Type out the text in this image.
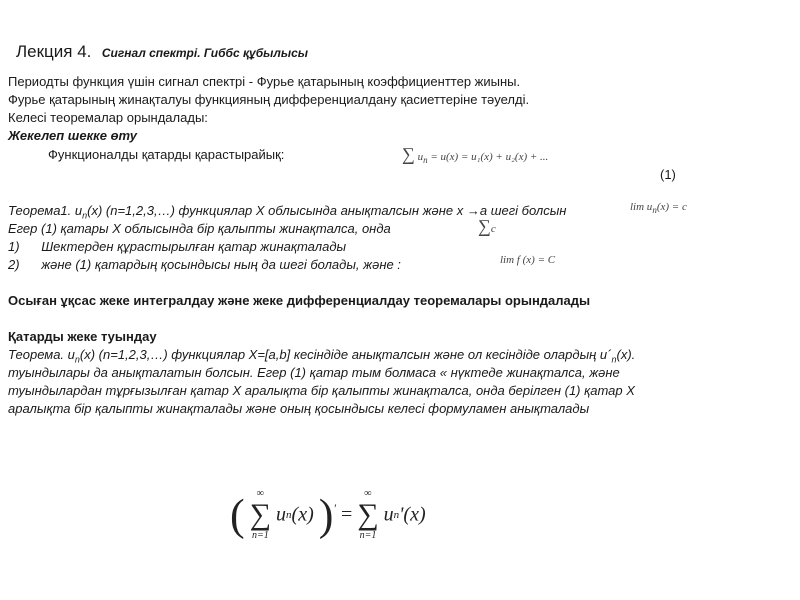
Лекция 4. Сигнал спектрі. Гиббс құбылысы
Периодты функция үшін сигнал спектрі - Фурье қатарының коэффициенттер жиыны.
Фурье қатарының жинақталуы функцияның дифференциалдану қасиеттеріне тәуелді.
Келесі теоремалар орындалады:
Жекелеп шекке өту
Функционалды қатарды қарастырайық:	∑ $u_n = u(x) = u_1(x) + u_2(x)$ + ...
(1)
Теорема1. $u_n(x)$ (n=1,2,3,…) функциялар X облысында анықталсын және x →a шегі болсын	$\lim u_n(x) = c$
Егер (1) қатары X облысында бір қалыпты жинақталса, онда	∑c
1) Шектерден құрастырылған қатар жинақталады
2) және (1) қатардың қосындысы ның да шегі болады, және :	lim f (x) = C
Осыған ұқсас жеке интегралдау және жеке дифференциалдау теоремалары орындалады
Қатарды жеке туындау
Теорема. $u_n(x)$ (n=1,2,3,…) функциялар X=[a,b] кесіндіде анықталсын және ол кесіндіде олардың $u´_n(x)$.
туындылары да анықталатын болсын. Егер (1) қатар тым болмаса « нүктеде жинақталса, және
туындылардан тұрғызылған қатар Х аралықта бір қалыпты жинақталса, онда берілген (1) қатар Х
аралықта бір қалыпты жинақталады және оның қосындысы келесі формуламен анықталады
( ∞
∑
n=1 un(x) )' = ∞
∑
n=1 un'(x)
